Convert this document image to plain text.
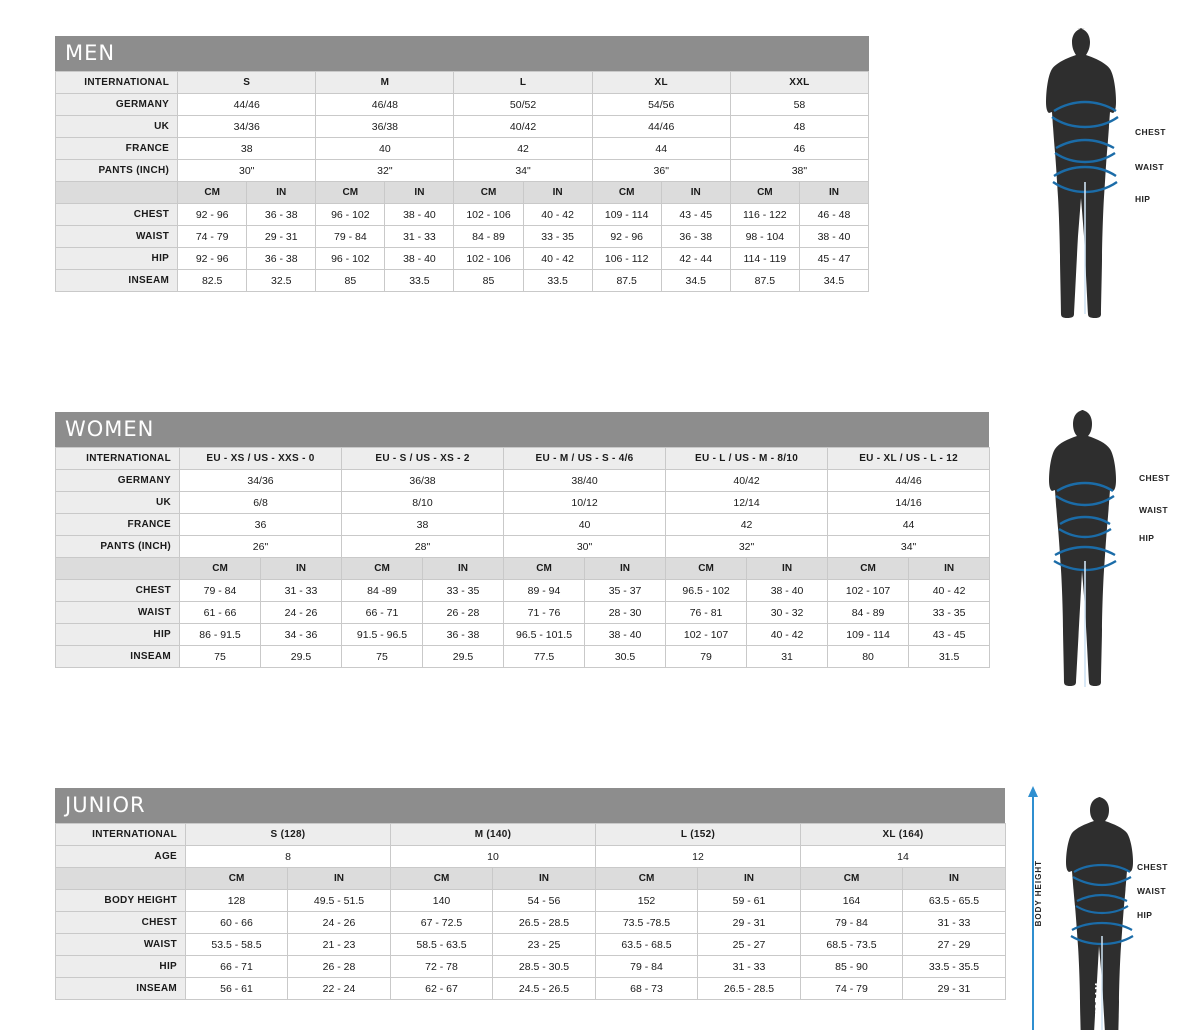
MEN
INTERNATIONAL	S		M		L		XL		XXL	
GERMANY	44/46		46/48		50/52		54/56		58	
UK	34/36		36/38		40/42		44/46		48	
FRANCE	38		40		42		44		46	
PANTS (INCH)	30"		32"		34"		36"		38"	
	CM	IN	CM	IN	CM	IN	CM	IN	CM	IN
CHEST	92 - 96	36 - 38	96 - 102	38 - 40	102 - 106	40 - 42	109 - 114	43 - 45	116 - 122	46 - 48
WAIST	74 - 79	29 - 31	79 - 84	31 - 33	84 - 89	33 - 35	92 - 96	36 - 38	98 - 104	38 - 40
HIP	92 - 96	36 - 38	96 - 102	38 - 40	102 - 106	40 - 42	106 - 112	42 - 44	114 - 119	45 - 47
INSEAM	82.5	32.5	85	33.5	85	33.5	87.5	34.5	87.5	34.5
CHEST
WAIST
HIP
INSEAM
WOMEN
INTERNATIONAL	EU - XS / US - XXS - 0		EU - S / US - XS - 2		EU - M / US - S - 4/6		EU - L / US - M - 8/10		EU - XL / US - L - 12	
GERMANY	34/36		36/38		38/40		40/42		44/46	
UK	6/8		8/10		10/12		12/14		14/16	
FRANCE	36		38		40		42		44	
PANTS (INCH)	26"		28"		30"		32"		34"	
	CM	IN	CM	IN	CM	IN	CM	IN	CM	IN
CHEST	79 - 84	31 - 33	84 -89	33 - 35	89 - 94	35 - 37	96.5 - 102	38 - 40	102 - 107	40 - 42
WAIST	61 - 66	24 - 26	66 - 71	26 - 28	71 - 76	28 - 30	76 - 81	30 - 32	84 - 89	33 - 35
HIP	86 - 91.5	34 - 36	91.5 - 96.5	36 - 38	96.5 - 101.5	38 - 40	102 - 107	40 - 42	109 - 114	43 - 45
INSEAM	75	29.5	75	29.5	77.5	30.5	79	31	80	31.5
CHEST
WAIST
HIP
INSEAM
JUNIOR
INTERNATIONAL	S (128)		M (140)		L (152)		XL (164)	
AGE	8		10		12		14	
	CM	IN	CM	IN	CM	IN	CM	IN
BODY HEIGHT	128	49.5 - 51.5	140	54 - 56	152	59 - 61	164	63.5 - 65.5
CHEST	60 - 66	24 - 26	67 - 72.5	26.5 - 28.5	73.5 -78.5	29 - 31	79 - 84	31 - 33
WAIST	53.5 - 58.5	21 - 23	58.5 - 63.5	23 - 25	63.5 - 68.5	25 - 27	68.5 - 73.5	27 - 29
HIP	66 - 71	26 - 28	72 - 78	28.5 - 30.5	79 - 84	31 - 33	85 - 90	33.5 - 35.5
INSEAM	56 - 61	22 - 24	62 - 67	24.5 - 26.5	68 - 73	26.5 - 28.5	74 - 79	29 - 31
CHEST
WAIST
HIP
BODY HEIGHT
INSEAM
